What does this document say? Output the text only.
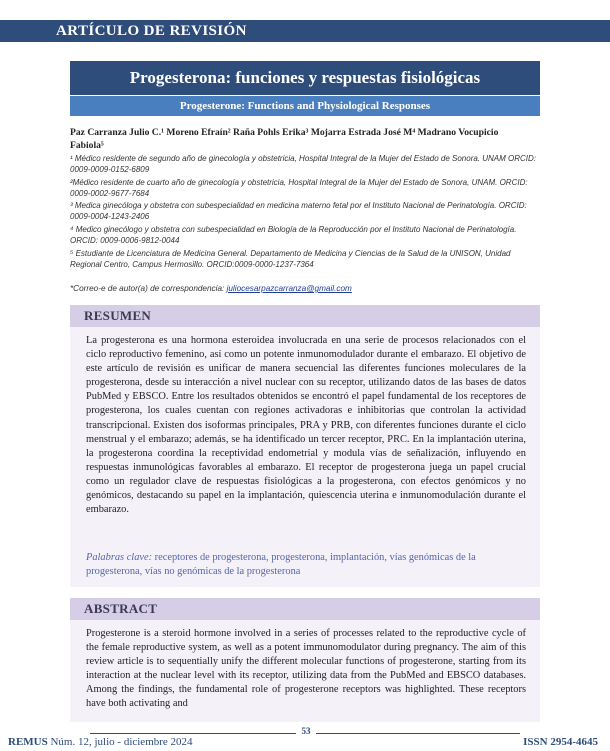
ARTÍCULO DE REVISIÓN
Progesterona: funciones y respuestas fisiológicas
Progesterone: Functions and Physiological Responses
Paz Carranza Julio C.¹ Moreno Efraín² Raña Pohls Erika³ Mojarra Estrada José M⁴ Madrano Vocupicio
Fabiola⁵
¹ Médico residente de segundo año de ginecología y obstetricia, Hospital Integral de la Mujer del Estado de Sonora. UNAM ORCID: 0009-0009-0152-6809
²Médico residente de cuarto año de ginecología y obstetricia, Hospital Integral de la Mujer del Estado de Sonora, UNAM. ORCID: 0009-0002-9677-7684
³ Medica ginecóloga y obstetra con subespecialidad en medicina materno fetal por el Instituto Nacional de Perinatología. ORCID: 0009-0004-1243-2406
⁴ Medico ginecólogo y obstetra con subespecialidad en Biología de la Reproducción por el Instituto Nacional de Perinatología. ORCID: 0009-0006-9812-0044
⁵ Estudiante de Licenciatura de Medicina General. Departamento de Medicina y Ciencias de la Salud de la UNISON, Unidad Regional Centro, Campus Hermosillo. ORCID:0009-0000-1237-7364
*Correo-e de autor(a) de correspondencia: juliocesarpazcarranza@gmail.com
RESUMEN
La progesterona es una hormona esteroidea involucrada en una serie de procesos relacionados con el ciclo reproductivo femenino, así como un potente inmunomodulador durante el embarazo. El objetivo de este artículo de revisión es unificar de manera secuencial las diferentes funciones moleculares de la progesterona, desde su interacción a nivel nuclear con su receptor, utilizando datos de las bases de datos PubMed y EBSCO. Entre los resultados obtenidos se encontró el papel fundamental de los receptores de progesterona, los cuales cuentan con regiones activadoras e inhibitorias que controlan la actividad transcripcional. Existen dos isoformas principales, PRA y PRB, con diferentes funciones durante el ciclo menstrual y el embarazo; además, se ha identificado un tercer receptor, PRC. En la implantación uterina, la progesterona coordina la receptividad endometrial y modula vías de señalización, influyendo en respuestas inmunológicas favorables al embarazo. El receptor de progesterona juega un papel crucial como un regulador clave de respuestas fisiológicas a la progesterona, con efectos genómicos y no genómicos, destacando su papel en la implantación, quiescencia uterina e inmunomodulación durante el embarazo.
Palabras clave: receptores de progesterona, progesterona, implantación, vías genómicas de la progesterona, vías no genómicas de la progesterona
ABSTRACT
Progesterone is a steroid hormone involved in a series of processes related to the reproductive cycle of the female reproductive system, as well as a potent immunomodulator during pregnancy. The aim of this review article is to sequentially unify the different molecular functions of progesterone, starting from its interaction at the nuclear level with its receptor, utilizing data from the PubMed and EBSCO databases. Among the findings, the fundamental role of progesterone receptors was highlighted. These receptors have both activating and
53
REMUS Núm. 12, julio - diciembre 2024	ISSN 2954-4645
